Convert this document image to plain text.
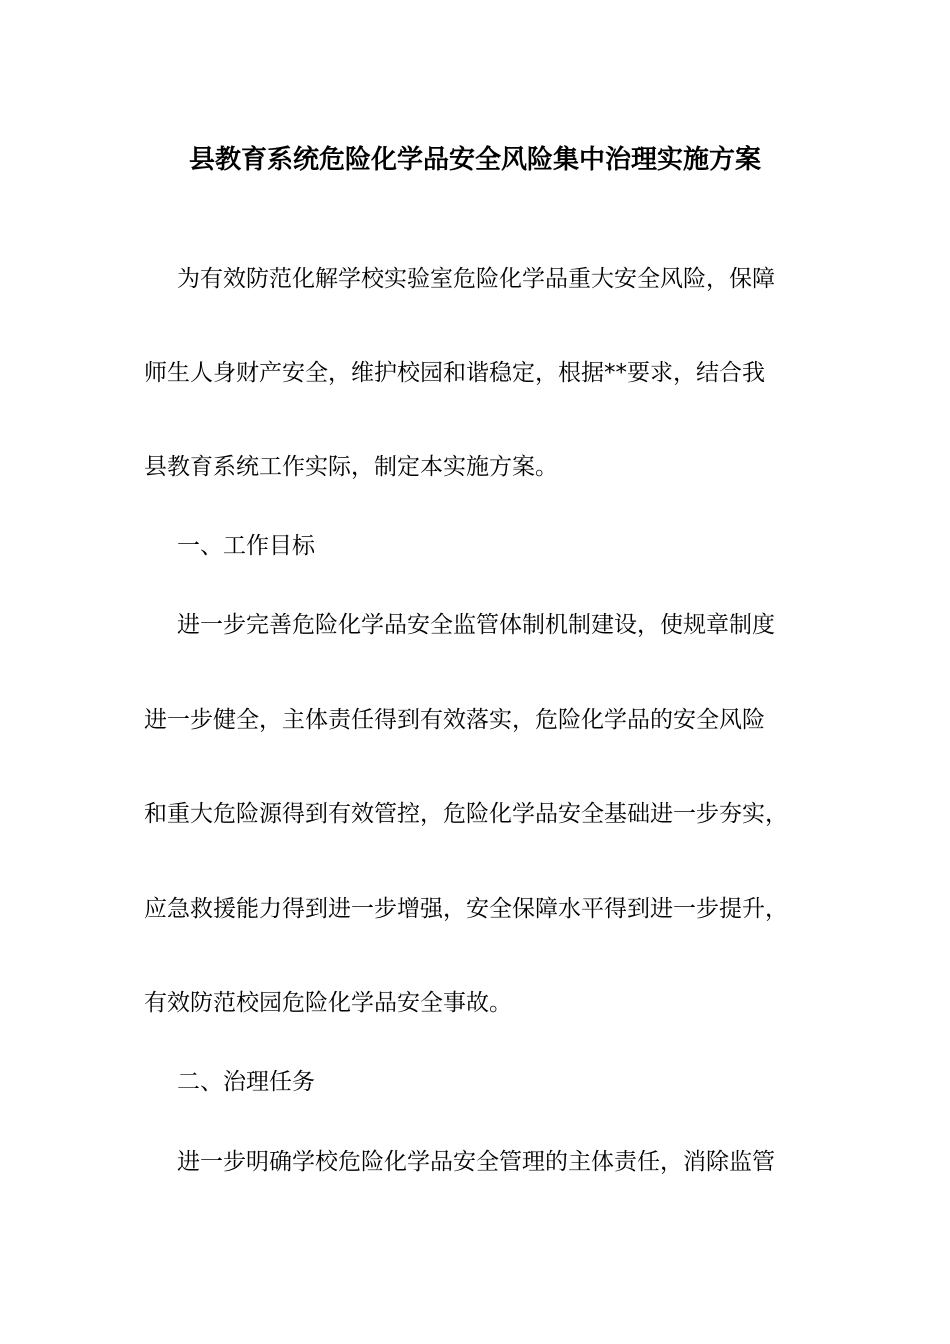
县教育系统危险化学品安全风险集中治理实施方案
为有效防范化解学校实验室危险化学品重大安全风险，保障
师生人身财产安全，维护校园和谐稳定，根据**要求，结合我
县教育系统工作实际，制定本实施方案。
一、工作目标
进一步完善危险化学品安全监管体制机制建设，使规章制度
进一步健全，主体责任得到有效落实，危险化学品的安全风险
和重大危险源得到有效管控，危险化学品安全基础进一步夯实，
应急救援能力得到进一步增强，安全保障水平得到进一步提升，
有效防范校园危险化学品安全事故。
二、治理任务
进一步明确学校危险化学品安全管理的主体责任，消除监管
